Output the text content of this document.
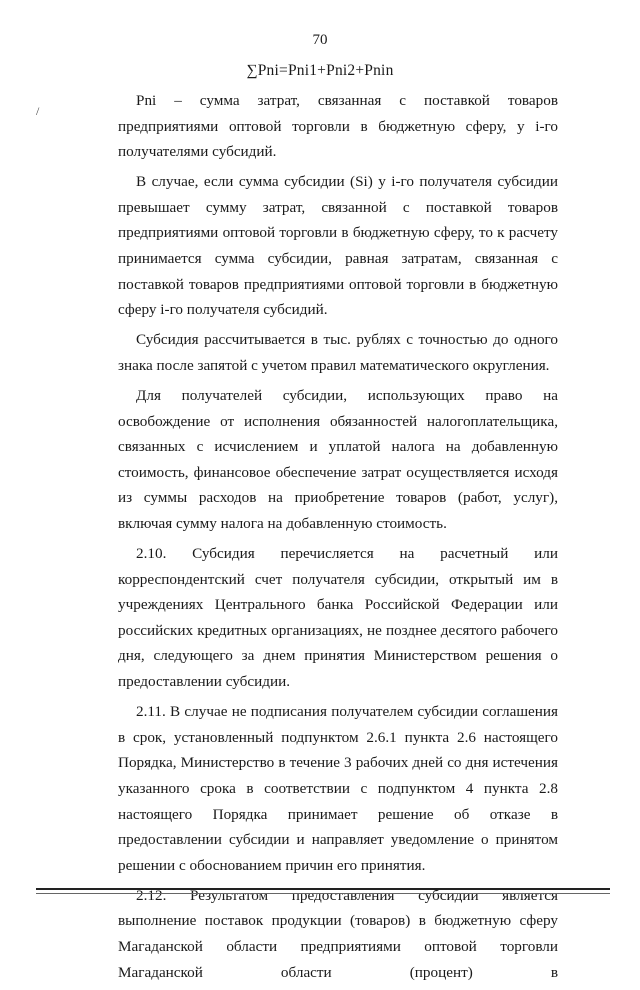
70
∑Pni=Pni1+Pni2+Pnin
/

Pni – сумма затрат, связанная с поставкой товаров предприятиями оптовой торговли в бюджетную сферу, у i-го получателями субсидий.

В случае, если сумма субсидии (Si) у i-го получателя субсидии превышает сумму затрат, связанной с поставкой товаров предприятиями оптовой торговли в бюджетную сферу, то к расчету принимается сумма субсидии, равная затратам, связанная с поставкой товаров предприятиями оптовой торговли в бюджетную сферу i-го получателя субсидий.

Субсидия рассчитывается в тыс. рублях с точностью до одного знака после запятой с учетом правил математического округления.

Для получателей субсидии, использующих право на освобождение от исполнения обязанностей налогоплательщика, связанных с исчислением и уплатой налога на добавленную стоимость, финансовое обеспечение затрат осуществляется исходя из суммы расходов на приобретение товаров (работ, услуг), включая сумму налога на добавленную стоимость.

2.10. Субсидия перечисляется на расчетный или корреспондентский счет получателя субсидии, открытый им в учреждениях Центрального банка Российской Федерации или российских кредитных организациях, не позднее десятого рабочего дня, следующего за днем принятия Министерством решения о предоставлении субсидии.

2.11. В случае не подписания получателем субсидии соглашения в срок, установленный подпунктом 2.6.1 пункта 2.6 настоящего Порядка, Министерство в течение 3 рабочих дней со дня истечения указанного срока в соответствии с подпунктом 4 пункта 2.8 настоящего Порядка принимает решение об отказе в предоставлении субсидии и направляет уведомление о принятом решении с обоснованием причин его принятия.

2.12. Результатом предоставления субсидии является выполнение поставок продукции (товаров) в бюджетную сферу Магаданской области предприятиями оптовой торговли Магаданской области (процент) в
